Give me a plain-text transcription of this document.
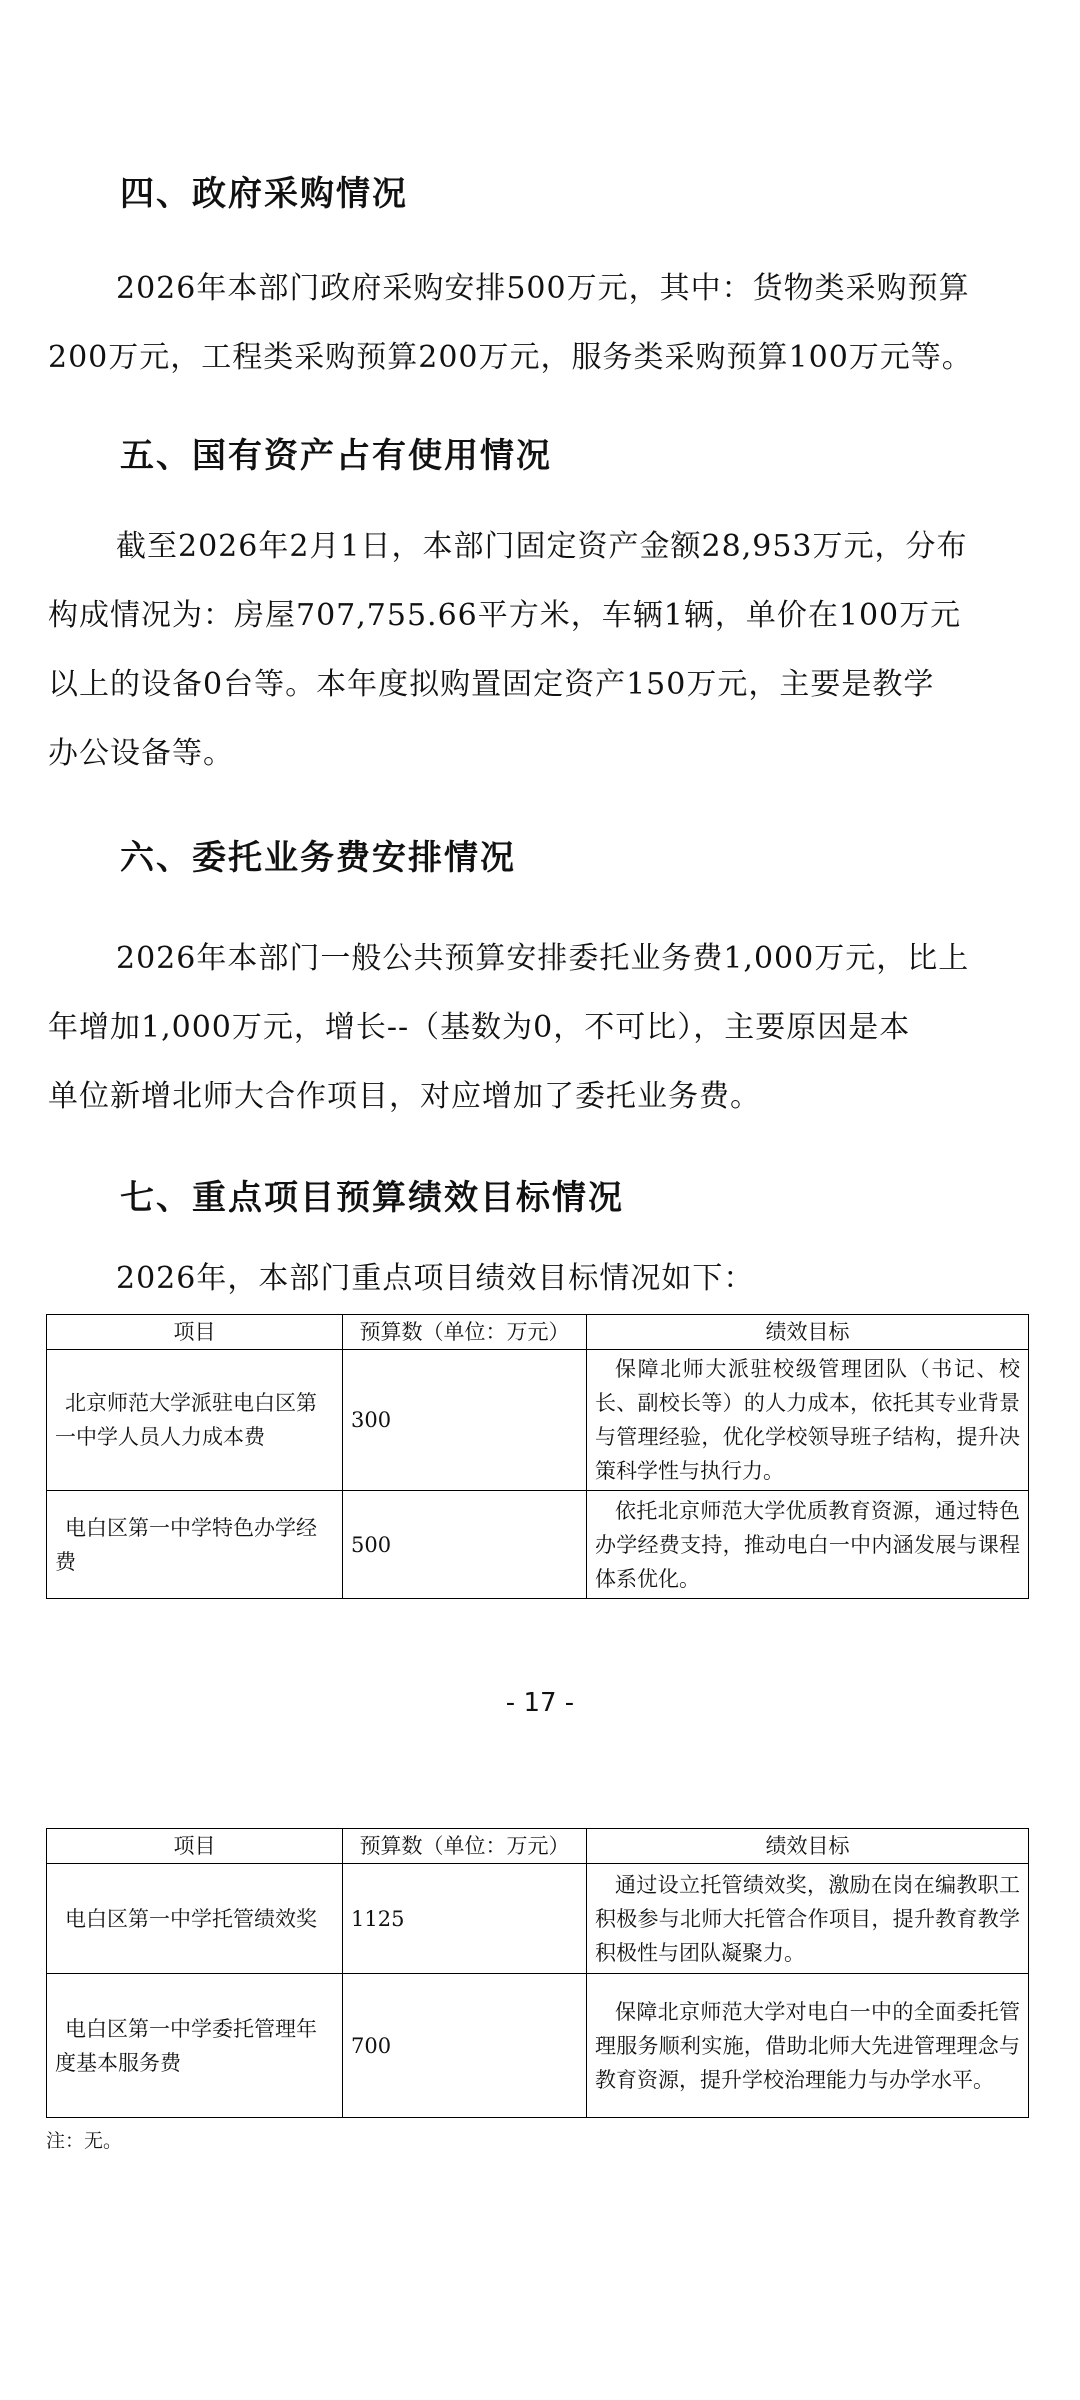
四、政府采购情况
2026年本部门政府采购安排500万元，其中：货物类采购预算
200万元，工程类采购预算200万元，服务类采购预算100万元等。
五、国有资产占有使用情况
截至2026年2月1日，本部门固定资产金额28,953万元，分布
构成情况为：房屋707,755.66平方米，车辆1辆，单价在100万元
以上的设备0台等。本年度拟购置固定资产150万元，主要是教学
办公设备等。
六、委托业务费安排情况
2026年本部门一般公共预算安排委托业务费1,000万元，比上
年增加1,000万元，增长--（基数为0，不可比），主要原因是本
单位新增北师大合作项目，对应增加了委托业务费。
七、重点项目预算绩效目标情况
2026年，本部门重点项目绩效目标情况如下：
项目	预算数（单位：万元）	绩效目标
北京师范大学派驻电白区第一中学人员人力成本费	300	保障北师大派驻校级管理团队（书记、校长、副校长等）的人力成本，依托其专业背景与管理经验，优化学校领导班子结构，提升决策科学性与执行力。
电白区第一中学特色办学经费	500	依托北京师范大学优质教育资源，通过特色办学经费支持，推动电白一中内涵发展与课程体系优化。
- 17 -
项目	预算数（单位：万元）	绩效目标
电白区第一中学托管绩效奖	1125	通过设立托管绩效奖，激励在岗在编教职工积极参与北师大托管合作项目，提升教育教学积极性与团队凝聚力。
电白区第一中学委托管理年度基本服务费	700	保障北京师范大学对电白一中的全面委托管理服务顺利实施，借助北师大先进管理理念与教育资源，提升学校治理能力与办学水平。
注：无。
